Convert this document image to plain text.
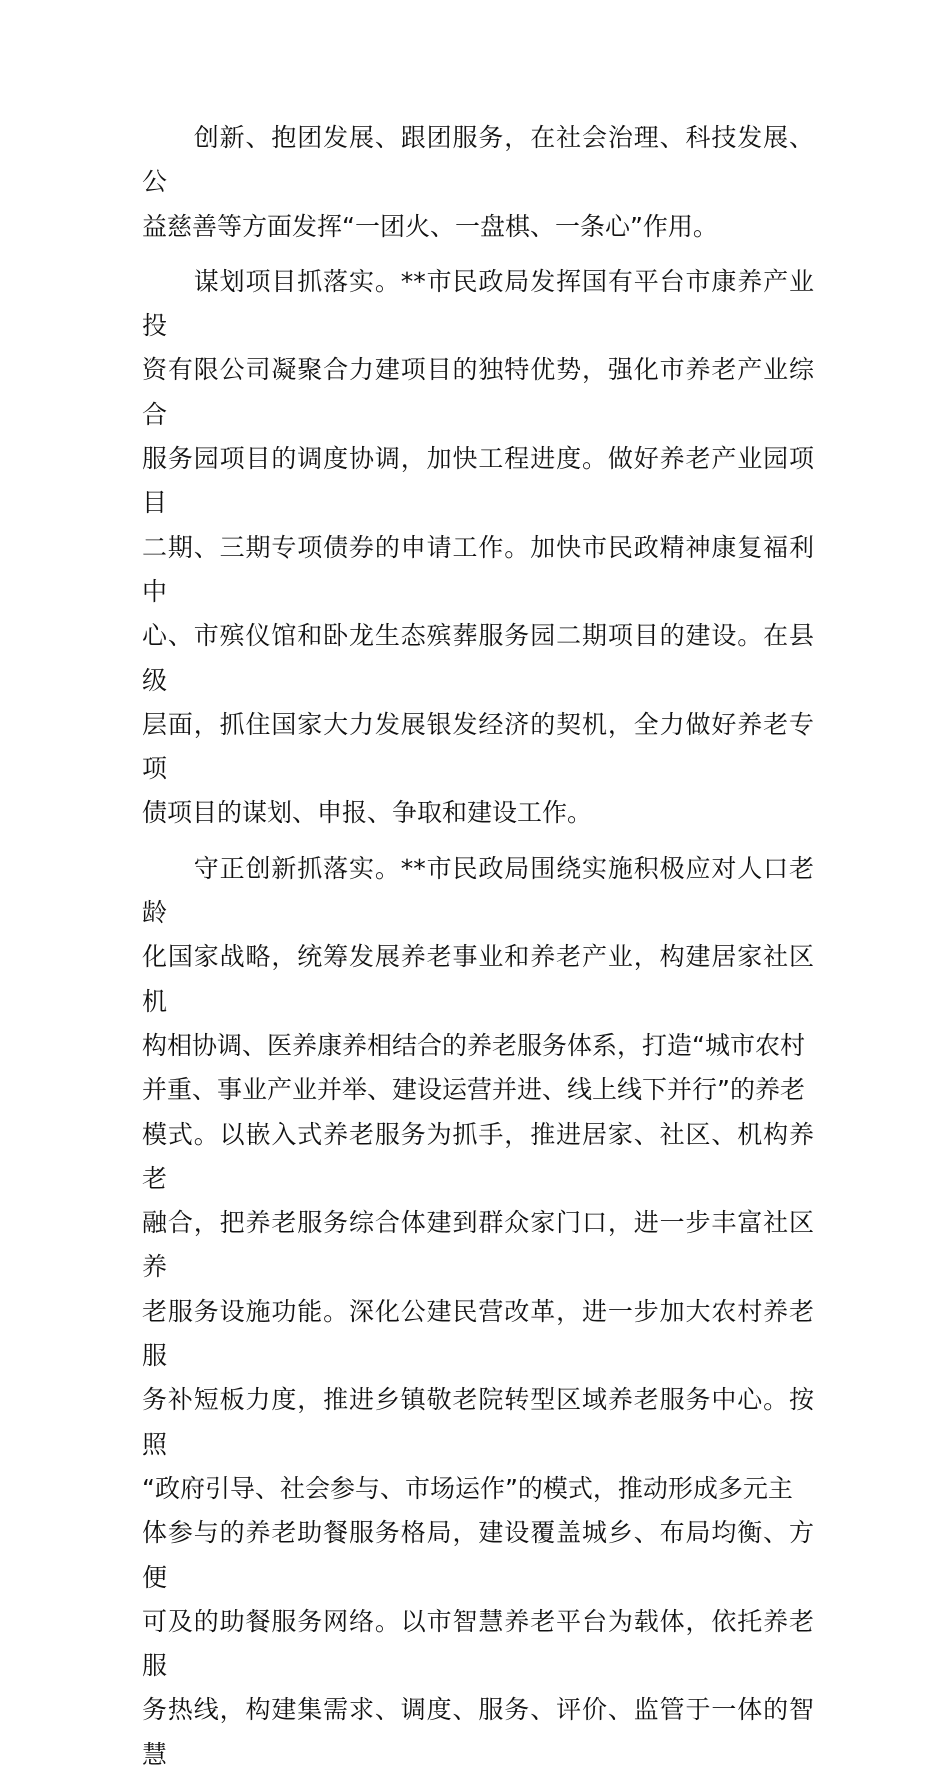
　　创新、抱团发展、跟团服务，在社会治理、科技发展、公
益慈善等方面发挥“一团火、一盘棋、一条心”作用。
　　谋划项目抓落实。**市民政局发挥国有平台市康养产业投
资有限公司凝聚合力建项目的独特优势，强化市养老产业综合
服务园项目的调度协调，加快工程进度。做好养老产业园项目
二期、三期专项债券的申请工作。加快市民政精神康复福利中
心、市殡仪馆和卧龙生态殡葬服务园二期项目的建设。在县级
层面，抓住国家大力发展银发经济的契机，全力做好养老专项
债项目的谋划、申报、争取和建设工作。
　　守正创新抓落实。**市民政局围绕实施积极应对人口老龄
化国家战略，统筹发展养老事业和养老产业，构建居家社区机
构相协调、医养康养相结合的养老服务体系，打造“城市农村
并重、事业产业并举、建设运营并进、线上线下并行”的养老
模式。以嵌入式养老服务为抓手，推进居家、社区、机构养老
融合，把养老服务综合体建到群众家门口，进一步丰富社区养
老服务设施功能。深化公建民营改革，进一步加大农村养老服
务补短板力度，推进乡镇敬老院转型区域养老服务中心。按照
“政府引导、社会参与、市场运作”的模式，推动形成多元主
体参与的养老助餐服务格局，建设覆盖城乡、布局均衡、方便
可及的助餐服务网络。以市智慧养老平台为载体，依托养老服
务热线，构建集需求、调度、服务、评价、监管于一体的智慧
